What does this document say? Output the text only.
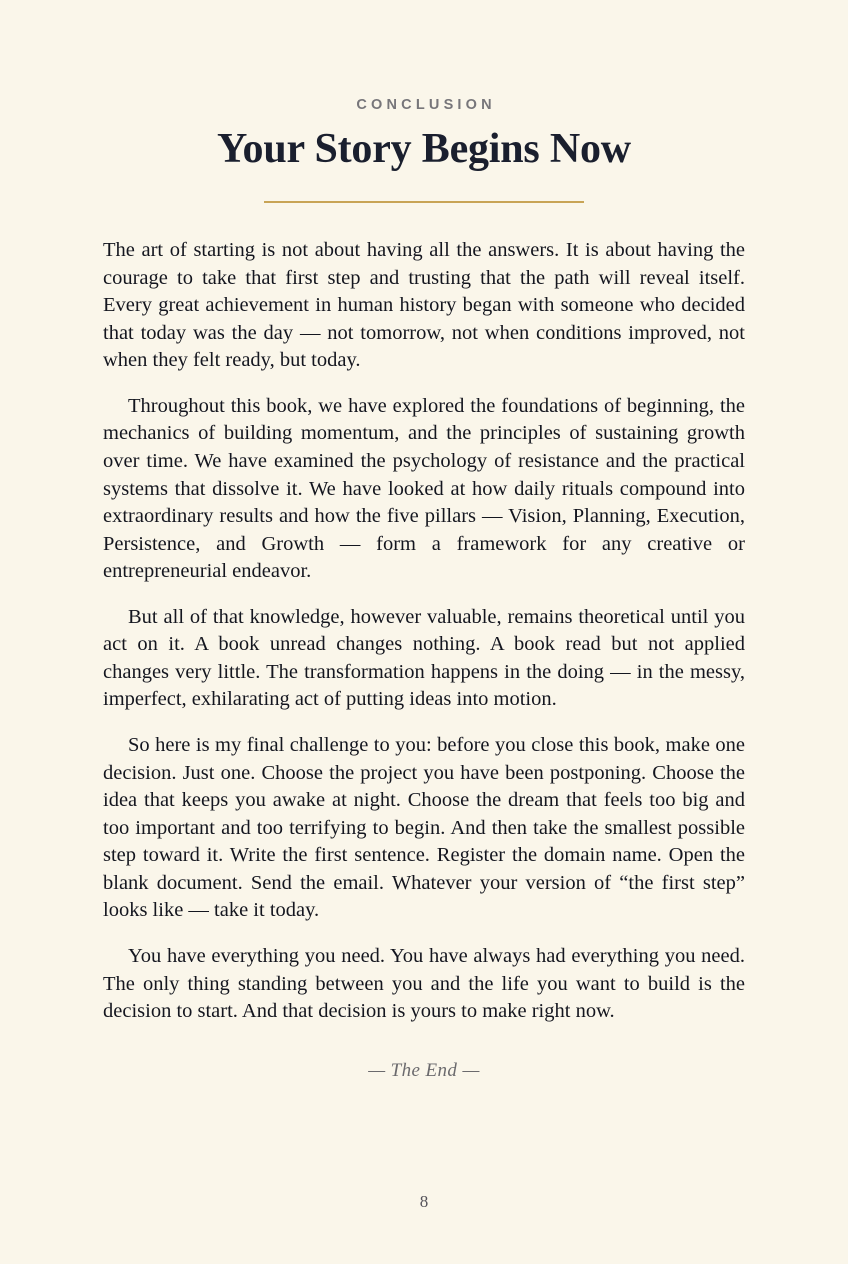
CONCLUSION
Your Story Begins Now

The art of starting is not about having all the answers. It is about having the courage to take that first step and trusting that the path will reveal itself. Every great achievement in human history began with someone who decided that today was the day — not tomorrow, not when conditions improved, not when they felt ready, but today.

Throughout this book, we have explored the foundations of beginning, the mechanics of building momentum, and the principles of sustaining growth over time. We have examined the psychology of resistance and the practical systems that dissolve it. We have looked at how daily rituals compound into extraordinary results and how the five pillars — Vision, Planning, Execution, Persistence, and Growth — form a framework for any creative or entrepreneurial endeavor.

But all of that knowledge, however valuable, remains theoretical until you act on it. A book unread changes nothing. A book read but not applied changes very little. The transformation happens in the doing — in the messy, imperfect, exhilarating act of putting ideas into motion.

So here is my final challenge to you: before you close this book, make one decision. Just one. Choose the project you have been postponing. Choose the idea that keeps you awake at night. Choose the dream that feels too big and too important and too terrifying to begin. And then take the smallest possible step toward it. Write the first sentence. Register the domain name. Open the blank document. Send the email. Whatever your version of “the first step” looks like — take it today.

You have everything you need. You have always had everything you need. The only thing standing between you and the life you want to build is the decision to start. And that decision is yours to make right now.

— The End —
8
